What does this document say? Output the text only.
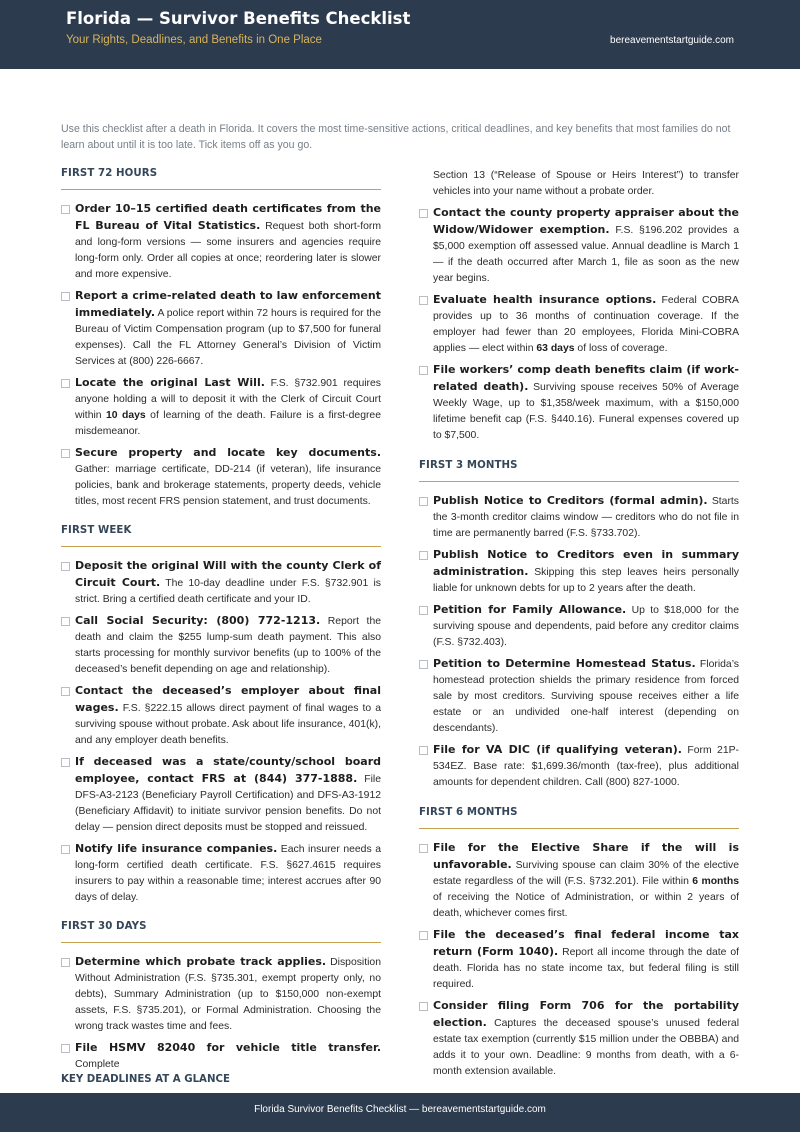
Florida — Survivor Benefits Checklist
Your Rights, Deadlines, and Benefits in One Place	bereavementstartguide.com

Use this checklist after a death in Florida. It covers the most time-sensitive actions, critical deadlines, and key benefits that most families do not learn about until it is too late. Tick items off as you go.

FIRST 72 HOURS
Order 10–15 certified death certificates from the FL Bureau of Vital Statistics. Request both short-form and long-form versions — some insurers and agencies require long-form only. Order all copies at once; reordering later is slower and more expensive.
Report a crime-related death to law enforcement immediately. A police report within 72 hours is required for the Bureau of Victim Compensation program (up to $7,500 for funeral expenses). Call the FL Attorney General’s Division of Victim Services at (800) 226-6667.
Locate the original Last Will. F.S. §732.901 requires anyone holding a will to deposit it with the Clerk of Circuit Court within 10 days of learning of the death. Failure is a first-degree misdemeanor.
Secure property and locate key documents. Gather: marriage certificate, DD-214 (if veteran), life insurance policies, bank and brokerage statements, property deeds, vehicle titles, most recent FRS pension statement, and trust documents.
FIRST WEEK
Deposit the original Will with the county Clerk of Circuit Court. The 10-day deadline under F.S. §732.901 is strict. Bring a certified death certificate and your ID.
Call Social Security: (800) 772-1213. Report the death and claim the $255 lump-sum death payment. This also starts processing for monthly survivor benefits (up to 100% of the deceased’s benefit depending on age and relationship).
Contact the deceased’s employer about final wages. F.S. §222.15 allows direct payment of final wages to a surviving spouse without probate. Ask about life insurance, 401(k), and any employer death benefits.
If deceased was a state/county/school board employee, contact FRS at (844) 377-1888. File DFS-A3-2123 (Beneficiary Payroll Certification) and DFS-A3-1912 (Beneficiary Affidavit) to initiate survivor pension benefits. Do not delay — pension direct deposits must be stopped and reissued.
Notify life insurance companies. Each insurer needs a long-form certified death certificate. F.S. §627.4615 requires insurers to pay within a reasonable time; interest accrues after 90 days of delay.
FIRST 30 DAYS
Determine which probate track applies. Disposition Without Administration (F.S. §735.301, exempt property only, no debts), Summary Administration (up to $150,000 non-exempt assets, F.S. §735.201), or Formal Administration. Choosing the wrong track wastes time and fees.
File HSMV 82040 for vehicle title transfer. Complete
Section 13 (“Release of Spouse or Heirs Interest”) to transfer vehicles into your name without a probate order.
Contact the county property appraiser about the Widow/Widower exemption. F.S. §196.202 provides a $5,000 exemption off assessed value. Annual deadline is March 1 — if the death occurred after March 1, file as soon as the new year begins.
Evaluate health insurance options. Federal COBRA provides up to 36 months of continuation coverage. If the employer had fewer than 20 employees, Florida Mini-COBRA applies — elect within 63 days of loss of coverage.
File workers’ comp death benefits claim (if work-related death). Surviving spouse receives 50% of Average Weekly Wage, up to $1,358/week maximum, with a $150,000 lifetime benefit cap (F.S. §440.16). Funeral expenses covered up to $7,500.
FIRST 3 MONTHS
Publish Notice to Creditors (formal admin). Starts the 3-month creditor claims window — creditors who do not file in time are permanently barred (F.S. §733.702).
Publish Notice to Creditors even in summary administration. Skipping this step leaves heirs personally liable for unknown debts for up to 2 years after the death.
Petition for Family Allowance. Up to $18,000 for the surviving spouse and dependents, paid before any creditor claims (F.S. §732.403).
Petition to Determine Homestead Status. Florida’s homestead protection shields the primary residence from forced sale by most creditors. Surviving spouse receives either a life estate or an undivided one-half interest (depending on descendants).
File for VA DIC (if qualifying veteran). Form 21P-534EZ. Base rate: $1,699.36/month (tax-free), plus additional amounts for dependent children. Call (800) 827-1000.
FIRST 6 MONTHS
File for the Elective Share if the will is unfavorable. Surviving spouse can claim 30% of the elective estate regardless of the will (F.S. §732.201). File within 6 months of receiving the Notice of Administration, or within 2 years of death, whichever comes first.
File the deceased’s final federal income tax return (Form 1040). Report all income through the date of death. Florida has no state income tax, but federal filing is still required.
Consider filing Form 706 for the portability election. Captures the deceased spouse’s unused federal estate tax exemption (currently $15 million under the OBBBA) and adds it to your own. Deadline: 9 months from death, with a 6-month extension available.
KEY DEADLINES AT A GLANCE
Florida Survivor Benefits Checklist — bereavementstartguide.com
